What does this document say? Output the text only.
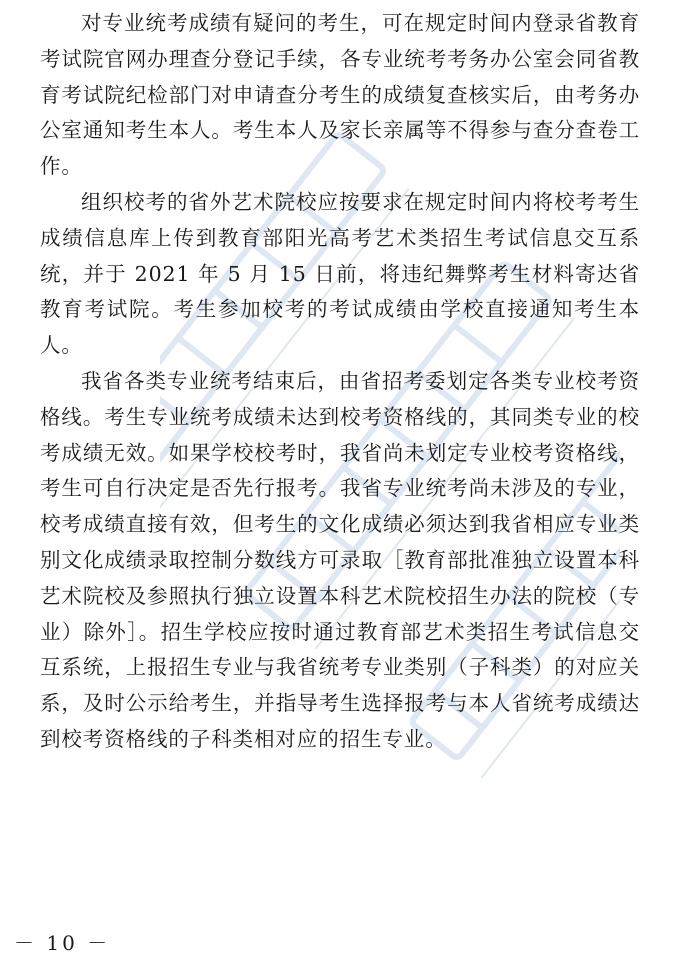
对专业统考成绩有疑问的考生，可在规定时间内登录省教育考试院官网办理查分登记手续，各专业统考考务办公室会同省教育考试院纪检部门对申请查分考生的成绩复查核实后，由考务办公室通知考生本人。考生本人及家长亲属等不得参与查分查卷工作。

组织校考的省外艺术院校应按要求在规定时间内将校考考生成绩信息库上传到教育部阳光高考艺术类招生考试信息交互系统，并于 2021 年 5 月 15 日前，将违纪舞弊考生材料寄达省教育考试院。考生参加校考的考试成绩由学校直接通知考生本人。

我省各类专业统考结束后，由省招考委划定各类专业校考资格线。考生专业统考成绩未达到校考资格线的，其同类专业的校考成绩无效。如果学校校考时，我省尚未划定专业校考资格线，考生可自行决定是否先行报考。我省专业统考尚未涉及的专业，校考成绩直接有效，但考生的文化成绩必须达到我省相应专业类别文化成绩录取控制分数线方可录取［教育部批准独立设置本科艺术院校及参照执行独立设置本科艺术院校招生办法的院校（专业）除外］。招生学校应按时通过教育部艺术类招生考试信息交互系统，上报招生专业与我省统考专业类别（子科类）的对应关系，及时公示给考生，并指导考生选择报考与本人省统考成绩达到校考资格线的子科类相对应的招生专业。

－ 10 －
